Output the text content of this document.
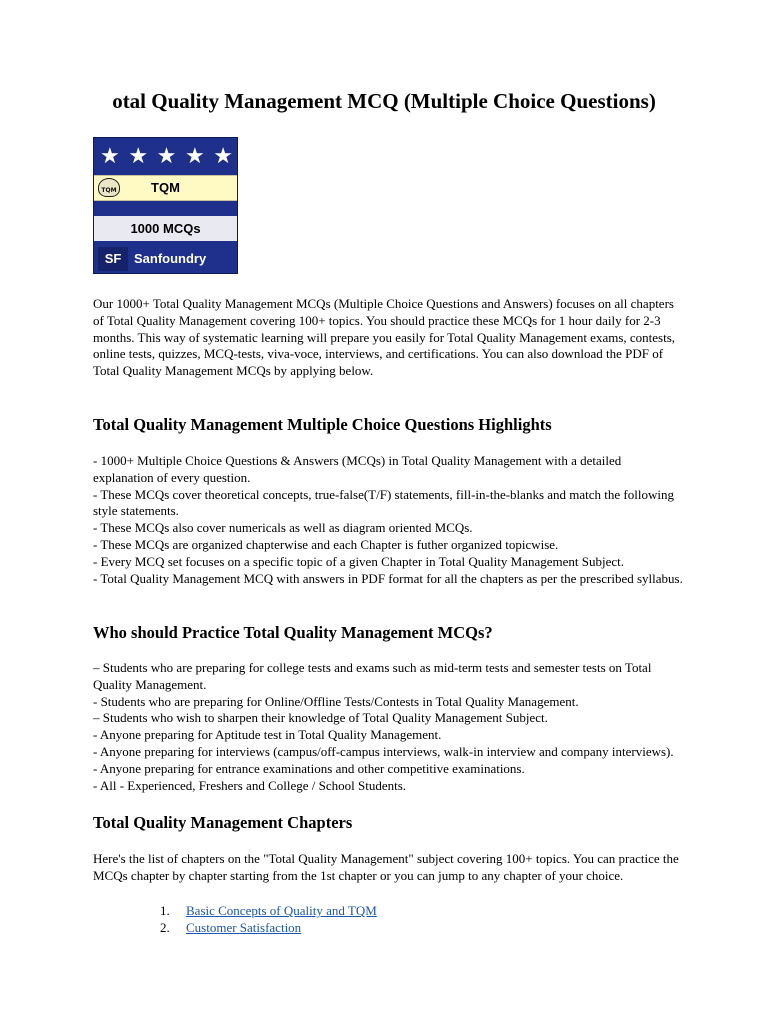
otal Quality Management MCQ (Multiple Choice Questions)
★ ★ ★ ★ ★
TQM	TQM
1000 MCQs
SF Sanfoundry

Our 1000+ Total Quality Management MCQs (Multiple Choice Questions and Answers) focuses on all chapters of Total Quality Management covering 100+ topics. You should practice these MCQs for 1 hour daily for 2-3 months. This way of systematic learning will prepare you easily for Total Quality Management exams, contests, online tests, quizzes, MCQ-tests, viva-voce, interviews, and certifications. You can also download the PDF of Total Quality Management MCQs by applying below.

Total Quality Management Multiple Choice Questions Highlights
- 1000+ Multiple Choice Questions & Answers (MCQs) in Total Quality Management with a detailed explanation of every question.
- These MCQs cover theoretical concepts, true-false(T/F) statements, fill-in-the-blanks and match the following style statements.
- These MCQs also cover numericals as well as diagram oriented MCQs.
- These MCQs are organized chapterwise and each Chapter is futher organized topicwise.
- Every MCQ set focuses on a specific topic of a given Chapter in Total Quality Management Subject.
- Total Quality Management MCQ with answers in PDF format for all the chapters as per the prescribed syllabus.
Who should Practice Total Quality Management MCQs?
– Students who are preparing for college tests and exams such as mid-term tests and semester tests on Total Quality Management.
- Students who are preparing for Online/Offline Tests/Contests in Total Quality Management.
– Students who wish to sharpen their knowledge of Total Quality Management Subject.
- Anyone preparing for Aptitude test in Total Quality Management.
- Anyone preparing for interviews (campus/off-campus interviews, walk-in interview and company interviews).
- Anyone preparing for entrance examinations and other competitive examinations.
- All - Experienced, Freshers and College / School Students.
Total Quality Management Chapters

Here's the list of chapters on the "Total Quality Management" subject covering 100+ topics. You can practice the MCQs chapter by chapter starting from the 1st chapter or you can jump to any chapter of your choice.

1.	Basic Concepts of Quality and TQM
2.	Customer Satisfaction
